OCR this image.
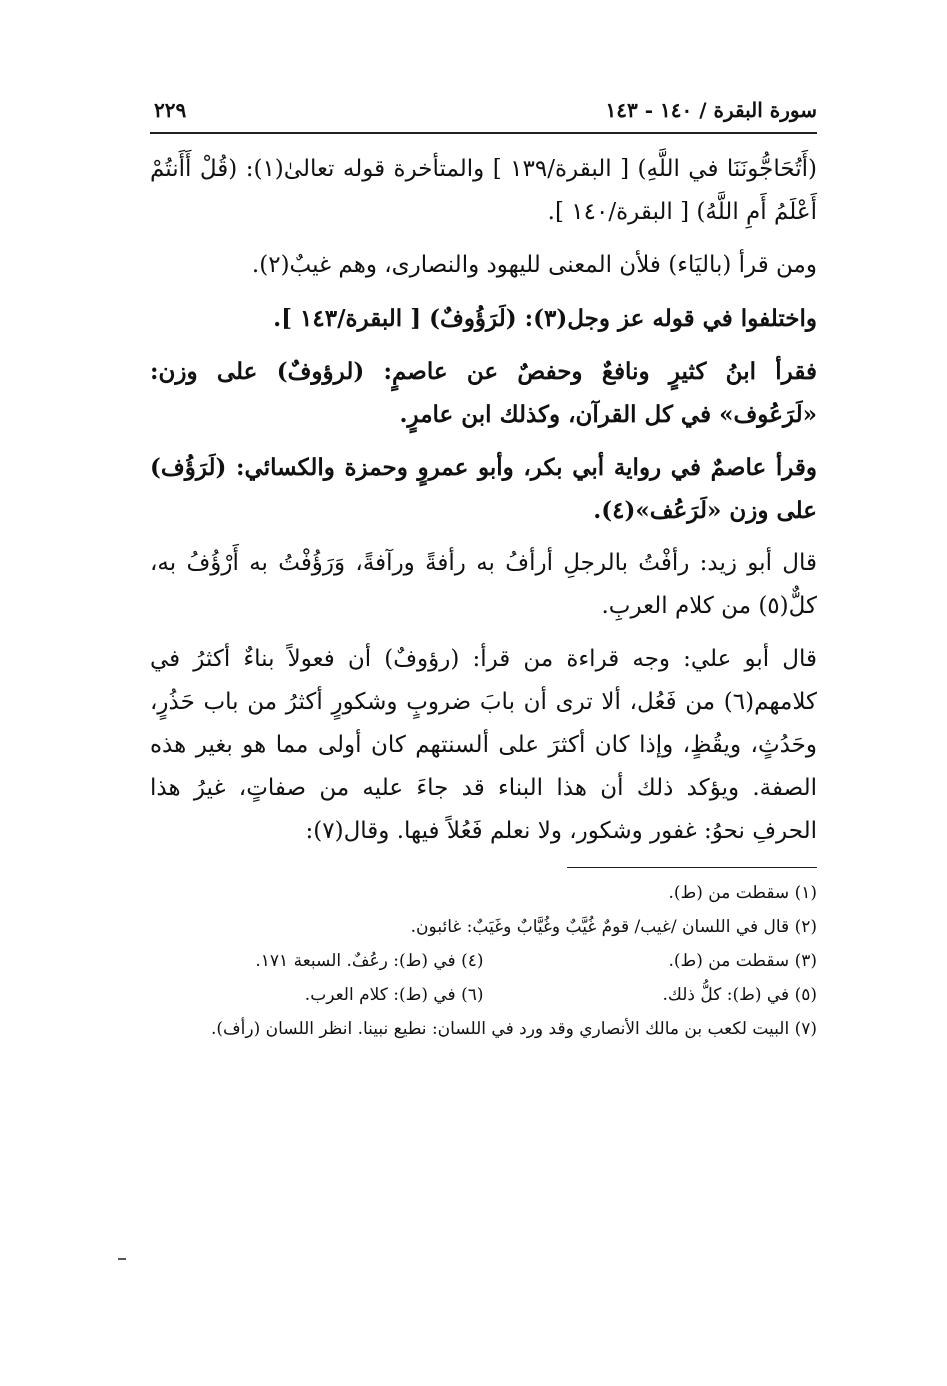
سورة البقرة / ١٤٠ - ١٤٣
٢٢٩

(أَتُحَاجُّونَنَا في اللَّهِ) [ البقرة/١٣٩ ] والمتأخرة قوله تعالىٰ(١): (قُلْ أَأَنتُمْ أَعْلَمُ أَمِ اللَّهُ) [ البقرة/١٤٠ ].

ومن قرأ (باليَاء) فلأن المعنى لليهود والنصارى، وهم غيبٌ(٢).

واختلفوا في قوله عز وجل(٣): (لَرَؤُوفٌ) [ البقرة/١٤٣ ].

فقرأ ابنُ كثيرٍ ونافعٌ وحفصٌ عن عاصمٍ: (لرؤوفٌ) على وزن: «لَرَعُوف» في كل القرآن، وكذلك ابن عامرٍ.

وقرأ عاصمٌ في رواية أبي بكر، وأبو عمروٍ وحمزة والكسائي: (لَرَؤُف) على وزن «لَرَعُف»(٤).

قال أبو زيد: رأفْتُ بالرجلِ أرأفُ به رأفةً ورآفةً، وَرَؤُفْتُ به أَرْؤُفُ به، كلٌّ(٥) من كلام العربِ.

قال أبو علي: وجه قراءة من قرأ: (رؤوفٌ) أن فعولاً بناءٌ أكثرُ في كلامهم(٦) من فَعُل، ألا ترى أن بابَ ضروبٍ وشكورٍ أكثرُ من باب حَذُرٍ، وحَدُثٍ، ويقُظٍ، وإذا كان أكثرَ على ألسنتهم كان أولى مما هو بغير هذه الصفة. ويؤكد ذلك أن هذا البناء قد جاءَ عليه من صفاتٍ، غيرُ هذا الحرفِ نحوُ: غفور وشكور، ولا نعلم فَعُلاً فيها. وقال(٧):

(١) سقطت من (ط).

(٢) قال في اللسان /غيب/ قومٌ غُيَّبٌ وغُيَّابٌ وغَيَبٌ: غائبون.

(٣) سقطت من (ط).
(٤) في (ط): رعُفٌ. السبعة ١٧١.
(٥) في (ط): كلُّ ذلك.
(٦) في (ط): كلام العرب.

(٧) البيت لكعب بن مالك الأنصاري وقد ورد في اللسان: نطيع نبينا. انظر اللسان (رأف).
